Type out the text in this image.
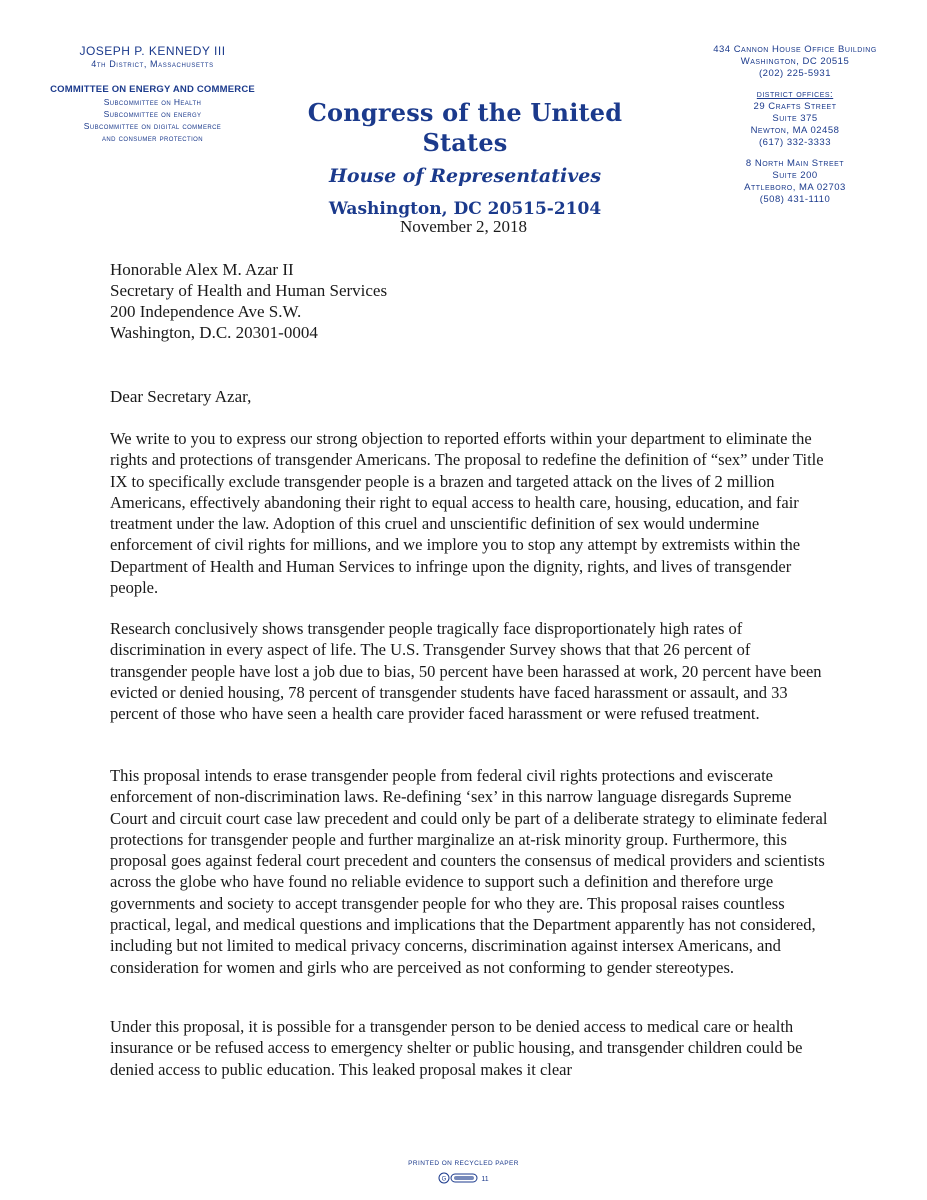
JOSEPH P. KENNEDY III
4th District, Massachusetts
COMMITTEE ON ENERGY AND COMMERCE
Subcommittee on Health
Subcommittee on energy
Subcommittee on digital commerce
and consumer protection
Congress of the United States
House of Representatives
Washington, DC 20515-2104
434 Cannon House Office Building
Washington, DC 20515
(202) 225-5931
district offices:
29 Crafts Street
Suite 375
Newton, MA 02458
(617) 332-3333
8 North Main Street
Suite 200
Attleboro, MA 02703
(508) 431-1110
November 2, 2018
Honorable Alex M. Azar II
Secretary of Health and Human Services
200 Independence Ave S.W.
Washington, D.C. 20301-0004
Dear Secretary Azar,
We write to you to express our strong objection to reported efforts within your department to eliminate the rights and protections of transgender Americans. The proposal to redefine the definition of “sex” under Title IX to specifically exclude transgender people is a brazen and targeted attack on the lives of 2 million Americans, effectively abandoning their right to equal access to health care, housing, education, and fair treatment under the law. Adoption of this cruel and unscientific definition of sex would undermine enforcement of civil rights for millions, and we implore you to stop any attempt by extremists within the Department of Health and Human Services to infringe upon the dignity, rights, and lives of transgender people.
Research conclusively shows transgender people tragically face disproportionately high rates of discrimination in every aspect of life. The U.S. Transgender Survey shows that that 26 percent of transgender people have lost a job due to bias, 50 percent have been harassed at work, 20 percent have been evicted or denied housing, 78 percent of transgender students have faced harassment or assault, and 33 percent of those who have seen a health care provider faced harassment or were refused treatment.
This proposal intends to erase transgender people from federal civil rights protections and eviscerate enforcement of non-discrimination laws. Re-defining ‘sex’ in this narrow language disregards Supreme Court and circuit court case law precedent and could only be part of a deliberate strategy to eliminate federal protections for transgender people and further marginalize an at-risk minority group. Furthermore, this proposal goes against federal court precedent and counters the consensus of medical providers and scientists across the globe who have found no reliable evidence to support such a definition and therefore urge governments and society to accept transgender people for who they are. This proposal raises countless practical, legal, and medical questions and implications that the Department apparently has not considered, including but not limited to medical privacy concerns, discrimination against intersex Americans, and consideration for women and girls who are perceived as not conforming to gender stereotypes.
Under this proposal, it is possible for a transgender person to be denied access to medical care or health insurance or be refused access to emergency shelter or public housing, and transgender children could be denied access to public education. This leaked proposal makes it clear
PRINTED ON RECYCLED PAPER
G	11
